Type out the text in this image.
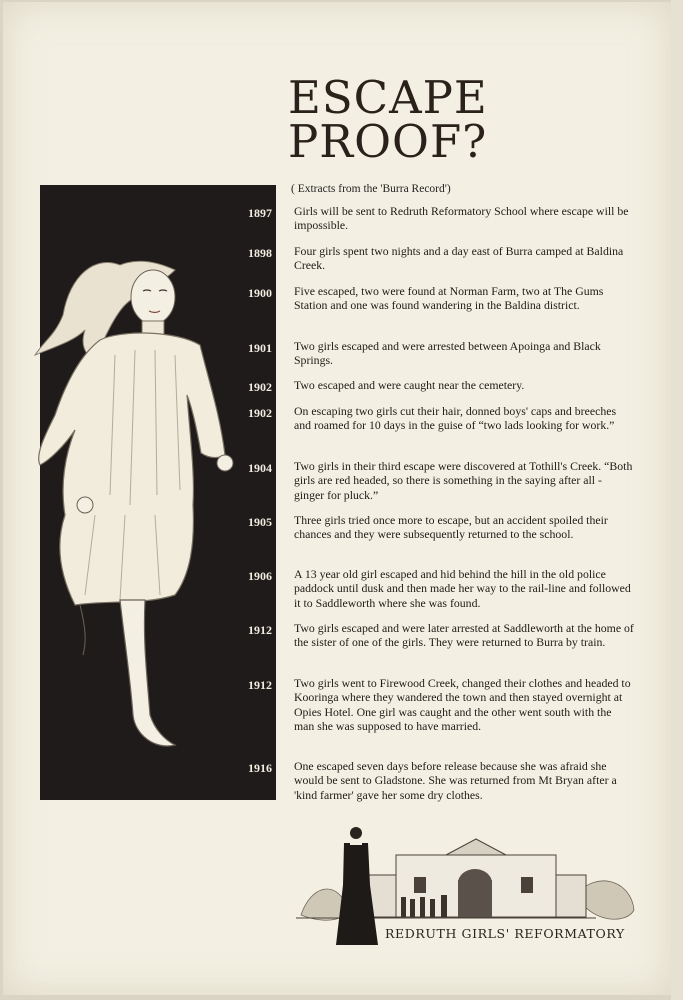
ESCAPE
PROOF?
( Extracts from the 'Burra Record')
1897
1898
1900
1901
1902
1902
1904
1905
1906
1912
1912
1916
Girls will be sent to Redruth Reformatory School where escape will be impossible.
Four girls spent two nights and a day east of Burra camped at Baldina Creek.
Five escaped, two were found at Norman Farm, two at The Gums Station and one was found wandering in the Baldina district.
Two girls escaped and were arrested between Apoinga and Black Springs.
Two escaped and were caught near the cemetery.
On escaping two girls cut their hair, donned boys' caps and breeches and roamed for 10 days in the guise of “two lads looking for work.”
Two girls in their third escape were discovered at Tothill's Creek. “Both girls are red headed, so there is something in the saying after all - ginger for pluck.”
Three girls tried once more to escape, but an accident spoiled their chances and they were subsequently returned to the school.
A 13 year old girl escaped and hid behind the hill in the old police paddock until dusk and then made her way to the rail-line and followed it to Saddleworth where she was found.
Two girls escaped and were later arrested at Saddleworth at the home of the sister of one of the girls. They were returned to Burra by train.
Two girls went to Firewood Creek, changed their clothes and headed to Kooringa where they wandered the town and then stayed overnight at Opies Hotel. One girl was caught and the other went south with the man she was supposed to have married.
One escaped seven days before release because she was afraid she would be sent to Gladstone. She was returned from Mt Bryan after a 'kind farmer' gave her some dry clothes.
REDRUTH GIRLS' REFORMATORY
